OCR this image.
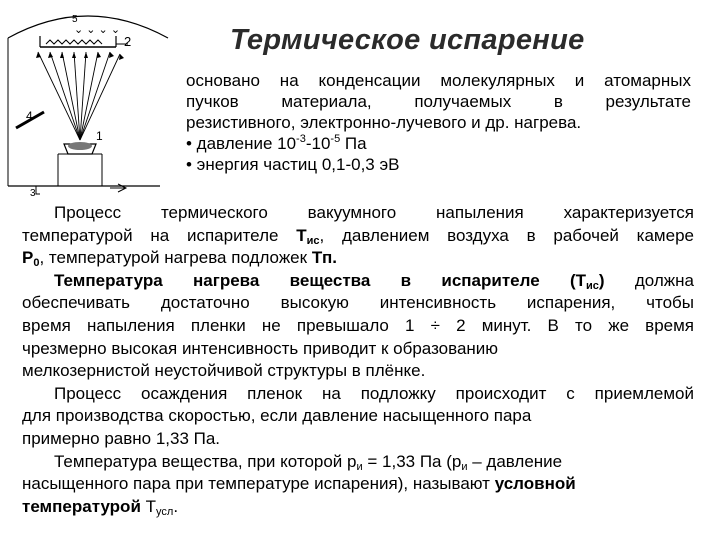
⌄ ⌄ ⌄ ⌄
5
2
4
1
3
Термическое испарение
основано на конденсации молекулярных и атомарных
пучков материала, получаемых в результате
резистивного, электронно-лучевого и др. нагрева.
• давление $10^{-3}-10^{-5}$ Па
• энергия частиц 0,1-0,3 эВ
Процесс термического вакуумного напыления характеризуется
температурой на испарителе $T_{ис}$, давлением воздуха в рабочей камере
$P_0$, температурой нагрева подложек Тп.
Температура нагрева вещества в испарителе $(Т_{ис})$ должна
обеспечивать достаточно высокую интенсивность испарения, чтобы
время напыления пленки не превышало 1 ÷ 2 минут. В то же время
чрезмерно высокая интенсивность приводит к образованию
мелкозернистой неустойчивой структуры в плёнке.
Процесс осаждения пленок на подложку происходит с приемлемой
для производства скоростью, если давление насыщенного пара
примерно равно 1,33 Па.
Температура вещества, при которой $р_и = 1,33$ Па ($р_и$ – давление
насыщенного пара при температуре испарения), называют условной
температурой $Т_{усл}$.
